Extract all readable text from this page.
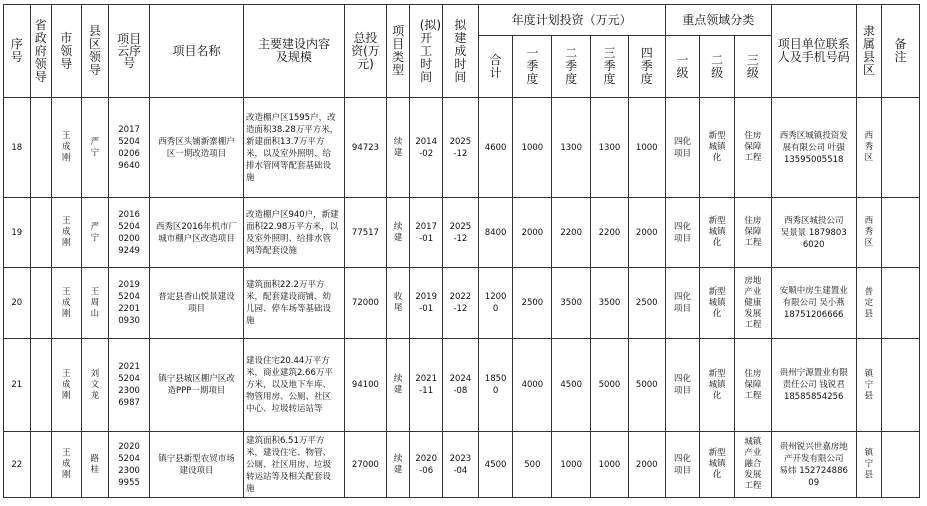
序号	省政府领导	市领导	县区领导	项目云序号	项目名称	主要建设内容及规模	总投资(万元)	项目类型	(拟)开工时间	拟建成时间	年度计划投资（万元）					重点领域分类			项目单位联系人及手机号码	隶属县区	备注
											合计	一季度	二季度	三季度	四季度	一级	二级	三级			
18		王成刚	严宁	2017520402069640	西秀区头铺新寨棚户区一期改造项目	改造棚户区1595户，改造面积38.28万平方米，新建面积13.7万平方米，以及室外照明、给排水管网等配套基础设施	94723	续建	2014-02	2025-12	4600	1000	1300	1300	1000	四化项目	新型城镇化	住房保障工程	西秀区城镇投资发展有限公司 叶强 13595005518	西秀区	
19		王成刚	严宁	2016520402009249	西秀区2016年机市厂城市棚户区改造项目	改造棚户区940户，新建面积22.98万平方米，以及室外照明、给排水管网等配套设施	77517	续建	2017-01	2025-12	8400	2000	2200	2200	2000	四化项目	新型城镇化	住房保障工程	西秀区城投公司 吴景景 18798036020	西秀区	
20		王成刚	王周山	2019520422010930	普定县香山悦景建设项目	建筑面积22.2万平方米，配套建设商铺、幼儿园、停车场等基础设施	72000	收尾	2019-01	2022-12	12000	2500	3500	3500	2500	四化项目	新型城镇化	房地产业健康发展工程	安顺中房生建置业有限公司 吴小燕 18751206666	普定县	
21		王成刚	刘文龙	2021520423006987	镇宁县城区棚户区改造PPP一期项目	建设住宅20.44万平方米，商业建筑2.66万平方米，以及地下车库、物管用房、公厕、社区中心、垃圾转运站等	94100	续建	2021-11	2024-08	18500	4000	4500	5000	5000	四化项目	新型城镇化	住房保障工程	贵州宁源置业有限责任公司 钱锐君 18585854256	镇宁县	
22		王成刚	路桂	2020520423009955	镇宁县新型农贸市场建设项目	建筑面积6.51万平方米，建设住宅、物管、公厕、社区用房、垃圾转运站等及相关配套设施	27000	续建	2020-06	2023-04	4500	500	1000	1000	2000	四化项目	新型城镇化	城镇产业融合发展工程	贵州锐兴世嘉房地产开发有限公司 易炜 15272488609	镇宁县	
